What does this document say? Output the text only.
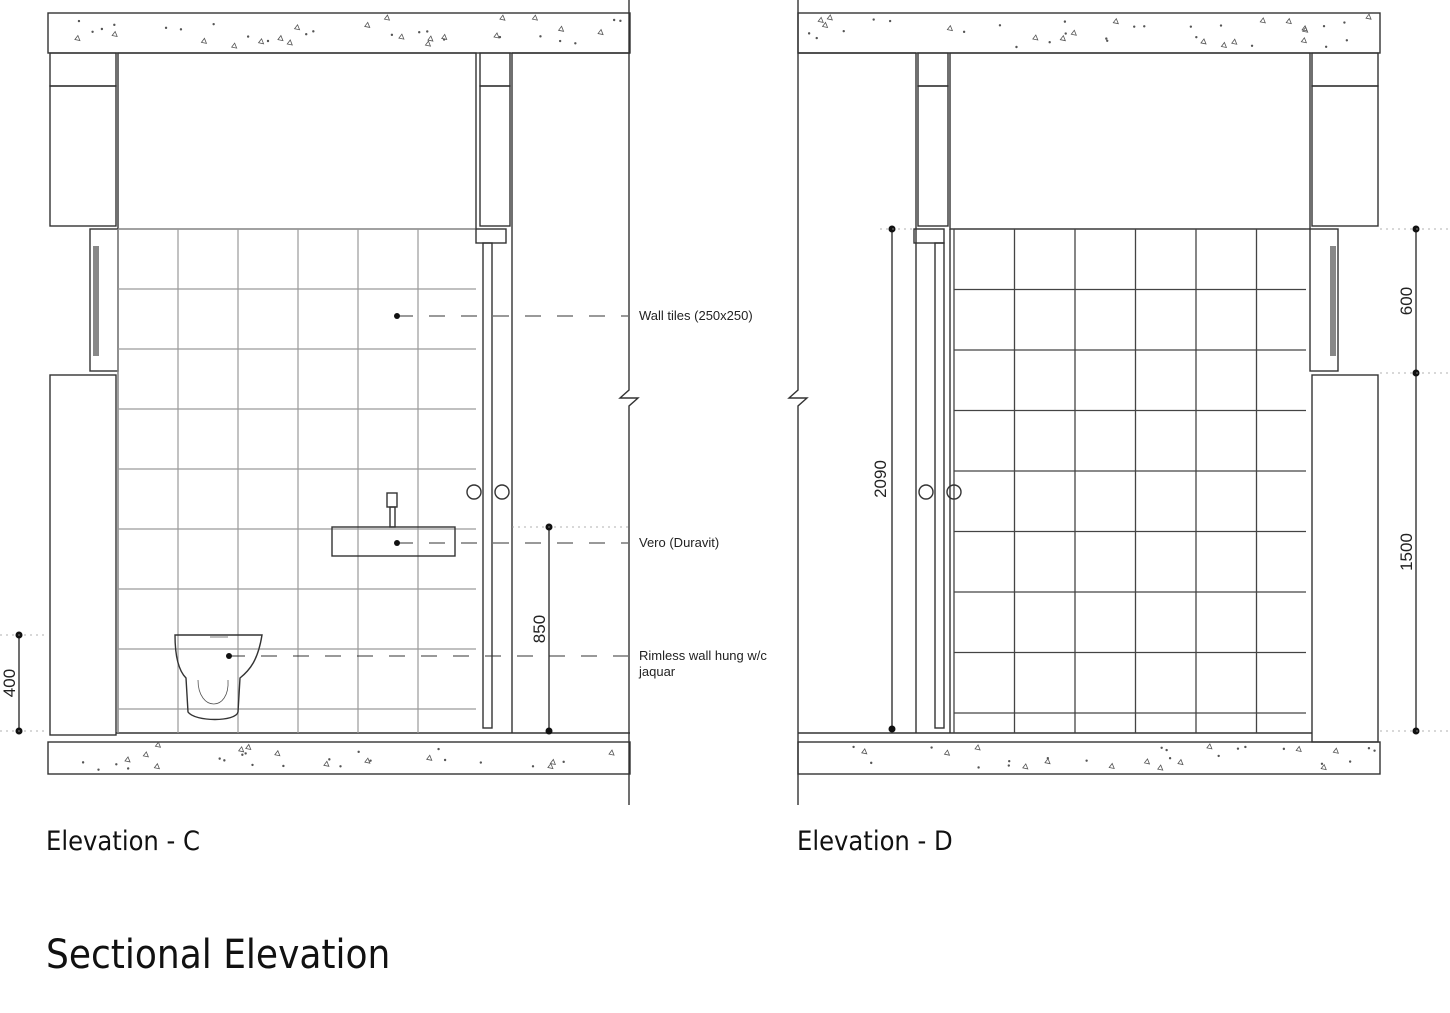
Wall tiles (250x250)
Vero (Duravit)
Rimless wall hung w/c
jaquar
850
400
Elevation - C
2090
600
1500
Elevation - D
Sectional Elevation
